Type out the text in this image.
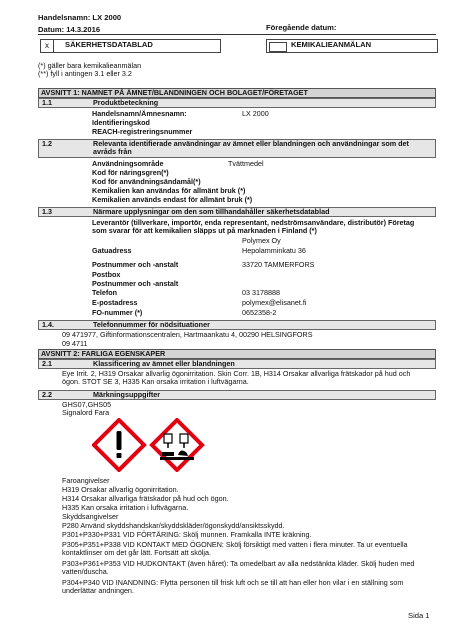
Handelsnamn: LX 2000
Datum: 14.3.2016	Föregående datum:
x	SÄKERHETSDATABLAD	KEMIKALIEANMÄLAN
(*) gäller bara kemikalieanmälan
(**) fyll i antingen 3.1 eller 3.2
AVSNITT 1: NAMNET PÅ ÄMNET/BLANDNINGEN OCH BOLAGET/FÖRETAGET
1.1	Produktbeteckning
Handelsnamn/Ämnesnamn:	LX 2000
Identifieringskod
REACH-registreringsnummer
1.2	Relevanta identifierade användningar av ämnet eller blandningen och användningar som det avråds från
Användningsområde	Tvättmedel
Kod för näringsgren(*)
Kod för användningsändamål(*)
Kemikalien kan användas för allmänt bruk (*)
Kemikalien används endast för allmänt bruk (*)
1.3	Närmare upplysningar om den som tillhandahåller säkerhetsdatablad
Leverantör (tillverkare, importör, enda representant, nedströmsanvändare, distributör) Företag som svarar för att kemikalien släpps ut på marknaden i Finland (*)
Polymex Oy
Gatuadress	Hepolamminkatu 36
Postnummer och -anstalt	33720 TAMMERFORS
Postbox
Postnummer och -anstalt
Telefon	03 3178888
E-postadress	polymex@elisanet.fi
FO-nummer (*)	0652358-2
1.4.	Telefonnummer för nödsituationer
09 471977, Giftinformationscentralen, Hartmaankatu 4, 00290 HELSINGFORS
09 4711
AVSNITT 2: FARLIGA EGENSKAPER
2.1	Klassificering av ämnet eller blandningen
Eye Irrit. 2, H319 Orsakar allvarlig ögonirritation. Skin Corr. 1B, H314 Orsakar allvarliga frätskador på hud och ögon. STOT SE 3, H335 Kan orsaka irritation i luftvägarna.
2.2	Märkningsuppgifter
GHS07,GHS05
Signalord Fara
Faroangivelser
H319 Orsakar allvarlig ögonirritation.
H314 Orsakar allvarliga frätskador på hud och ögon.
H335 Kan orsaka irritation i luftvägarna.
Skyddsangivelser
P280 Använd skyddshandskar/skyddskläder/ögonskydd/ansiktsskydd.
P301+P330+P331 VID FÖRTÄRING: Skölj munnen. Framkalla INTE kräkning.
P305+P351+P338 VID KONTAKT MED ÖGONEN: Skölj försiktigt med vatten i flera minuter. Ta ur eventuella kontaktlinser om det går lätt. Fortsätt att skölja.
P303+P361+P353 VID HUDKONTAKT (även håret): Ta omedelbart av alla nedstänkta kläder. Skölj huden med vatten/duscha.
P304+P340 VID INANDNING: Flytta personen till frisk luft och se till att han eller hon vilar i en ställning som underlättar andningen.
Sida 1
